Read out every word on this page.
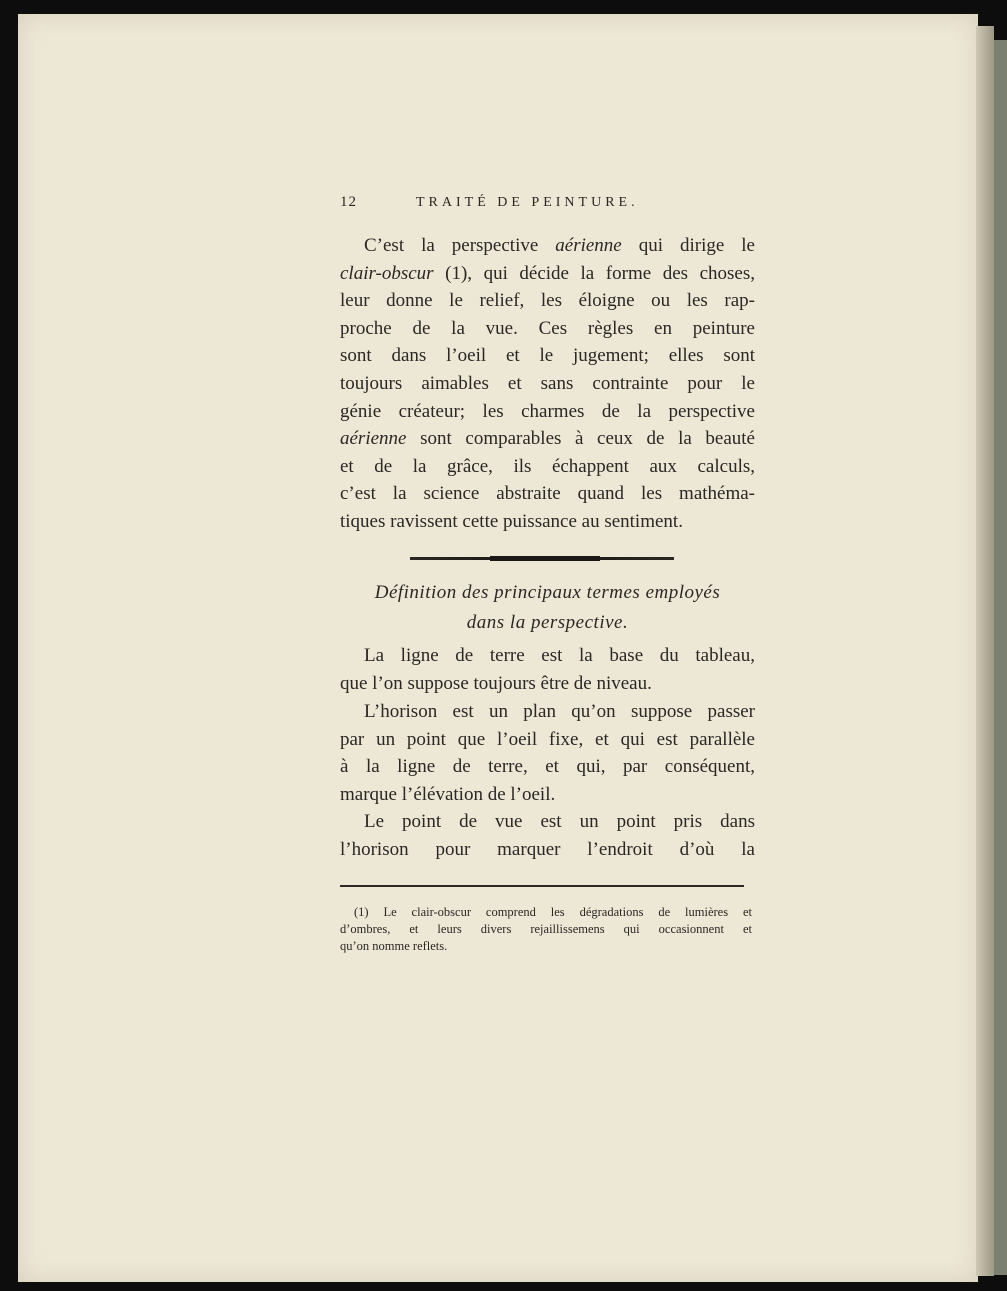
12	TRAITÉ DE PEINTURE.
C’est la perspective aérienne qui dirige le
clair-obscur (1), qui décide la forme des choses,
leur donne le relief, les éloigne ou les rap-
proche de la vue. Ces règles en peinture
sont dans l’oeil et le jugement; elles sont
toujours aimables et sans contrainte pour le
génie créateur; les charmes de la perspective
aérienne sont comparables à ceux de la beauté
et de la grâce, ils échappent aux calculs,
c’est la science abstraite quand les mathéma-
tiques ravissent cette puissance au sentiment.
Définition des principaux termes employés
dans la perspective.
La ligne de terre est la base du tableau,
que l’on suppose toujours être de niveau.
L’horison est un plan qu’on suppose passer
par un point que l’oeil fixe, et qui est parallèle
à la ligne de terre, et qui, par conséquent,
marque l’élévation de l’oeil.
Le point de vue est un point pris dans
l’horison pour marquer l’endroit d’où la
(1) Le clair-obscur comprend les dégradations de lumières et
d’ombres, et leurs divers rejaillissemens qui occasionnent et
qu’on nomme reflets.
